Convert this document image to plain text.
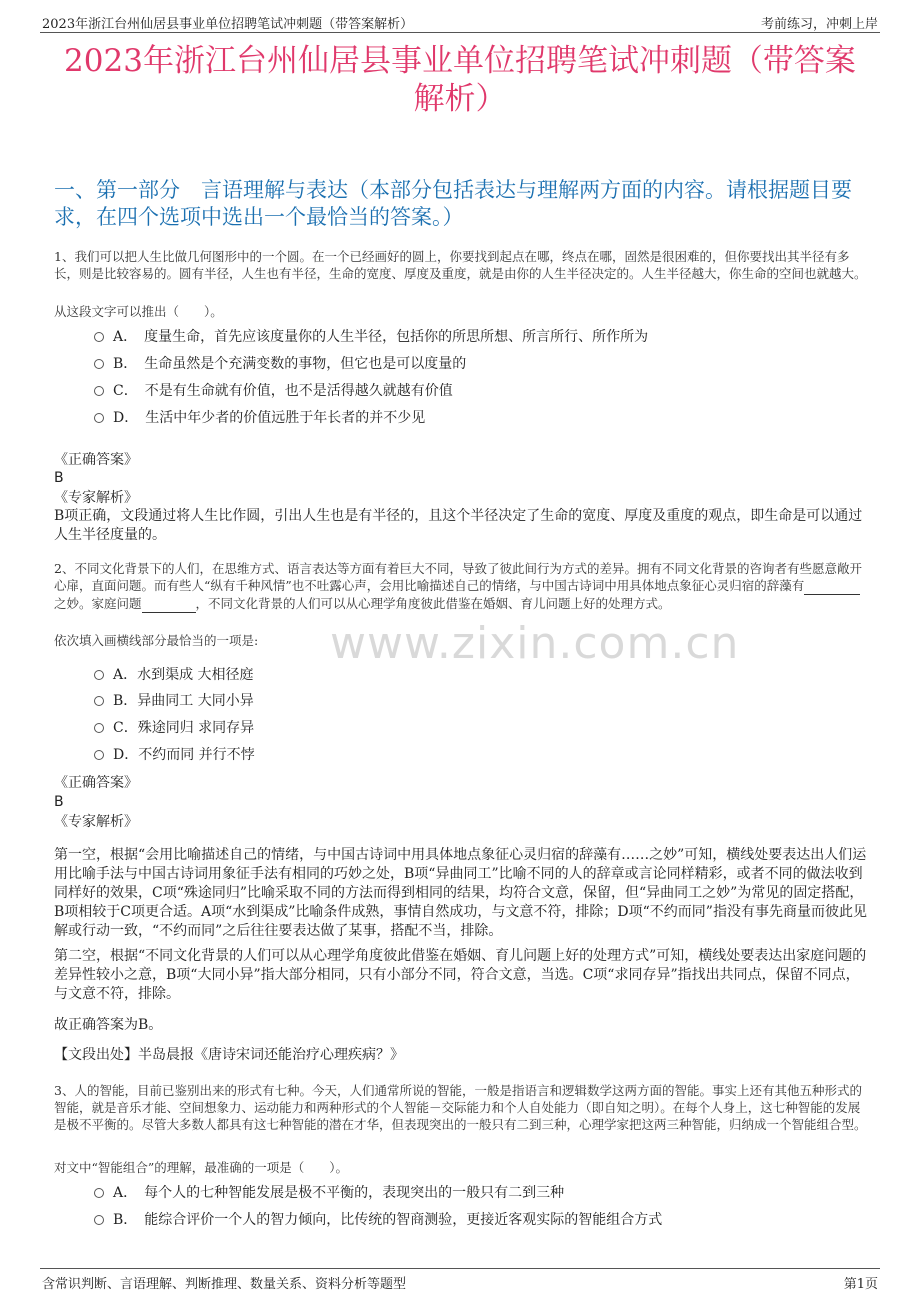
2023年浙江台州仙居县事业单位招聘笔试冲刺题（带答案解析）	考前练习，冲刺上岸
2023年浙江台州仙居县事业单位招聘笔试冲刺题（带答案解析）
一、第一部分　言语理解与表达（本部分包括表达与理解两方面的内容。请根据题目要求，在四个选项中选出一个最恰当的答案。）
1、我们可以把人生比做几何图形中的一个圆。在一个已经画好的圆上，你要找到起点在哪，终点在哪，固然是很困难的，但你要找出其半径有多长，则是比较容易的。圆有半径，人生也有半径，生命的宽度、厚度及重度，就是由你的人生半径决定的。人生半径越大，你生命的空间也就越大。
从这段文字可以推出（　　）。
A．　度量生命，首先应该度量你的人生半径，包括你的所思所想、所言所行、所作所为
B．　生命虽然是个充满变数的事物，但它也是可以度量的
C．　不是有生命就有价值，也不是活得越久就越有价值
D．　生活中年少者的价值远胜于年长者的并不少见
《正确答案》
B
《专家解析》
B项正确，文段通过将人生比作圆，引出人生也是有半径的，且这个半径决定了生命的宽度、厚度及重度的观点，即生命是可以通过人生半径度量的。
2、不同文化背景下的人们，在思维方式、语言表达等方面有着巨大不同，导致了彼此间行为方式的差异。拥有不同文化背景的咨询者有些愿意敞开心扉，直面问题。而有些人“纵有千种风情”也不吐露心声，会用比喻描述自己的情绪，与中国古诗词中用具体地点象征心灵归宿的辞藻有 之妙。家庭问题	，不同文化背景的人们可以从心理学角度彼此借鉴在婚姻、育儿问题上好的处理方式。
www.zixin.com.cn
依次填入画横线部分最恰当的一项是:
A．水到渠成 大相径庭
B．异曲同工 大同小异
C．殊途同归 求同存异
D．不约而同 并行不悖
《正确答案》
B
《专家解析》
第一空，根据“会用比喻描述自己的情绪，与中国古诗词中用具体地点象征心灵归宿的辞藻有……之妙”可知，横线处要表达出人们运用比喻手法与中国古诗词用象征手法有相同的巧妙之处，B项“异曲同工”比喻不同的人的辞章或言论同样精彩，或者不同的做法收到同样好的效果，C项“殊途同归”比喻采取不同的方法而得到相同的结果，均符合文意，保留，但“异曲同工之妙”为常见的固定搭配，B项相较于C项更合适。A项“水到渠成”比喻条件成熟，事情自然成功，与文意不符，排除；D项“不约而同”指没有事先商量而彼此见解或行动一致，“不约而同”之后往往要表达做了某事，搭配不当，排除。
第二空，根据“不同文化背景的人们可以从心理学角度彼此借鉴在婚姻、育儿问题上好的处理方式”可知，横线处要表达出家庭问题的差异性较小之意，B项“大同小异”指大部分相同，只有小部分不同，符合文意，当选。C项“求同存异”指找出共同点，保留不同点，与文意不符，排除。
故正确答案为B。
【文段出处】半岛晨报《唐诗宋词还能治疗心理疾病？》
3、人的智能，目前已鉴别出来的形式有七种。今天，人们通常所说的智能，一般是指语言和逻辑数学这两方面的智能。事实上还有其他五种形式的智能，就是音乐才能、空间想象力、运动能力和两种形式的个人智能－交际能力和个人自处能力（即自知之明）。在每个人身上，这七种智能的发展是极不平衡的。尽管大多数人都具有这七种智能的潜在才华，但表现突出的一般只有二到三种，心理学家把这两三种智能，归纳成一个智能组合型。
对文中“智能组合”的理解，最准确的一项是（　　）。
A．　每个人的七种智能发展是极不平衡的，表现突出的一般只有二到三种
B．　能综合评价一个人的智力倾向，比传统的智商测验，更接近客观实际的智能组合方式
含常识判断、言语理解、判断推理、数量关系、资料分析等题型	第1页
